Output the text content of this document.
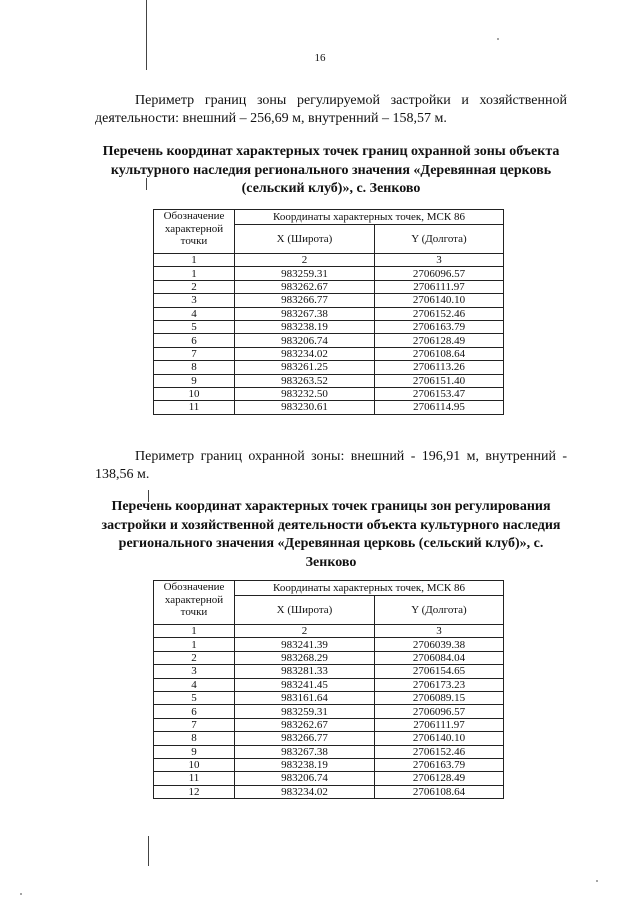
16
Периметр границ зоны регулируемой застройки и хозяйственной деятельности: внешний – 256,69 м, внутренний – 158,57 м.
Перечень координат характерных точек границ охранной зоны объекта культурного наследия регионального значения «Деревянная церковь (сельский клуб)», с. Зенково
Обозначение характерной точки	Координаты характерных точек, МСК 86	
	X (Широта)	Y (Долгота)
1	2	3
1	983259.31	2706096.57
2	983262.67	2706111.97
3	983266.77	2706140.10
4	983267.38	2706152.46
5	983238.19	2706163.79
6	983206.74	2706128.49
7	983234.02	2706108.64
8	983261.25	2706113.26
9	983263.52	2706151.40
10	983232.50	2706153.47
11	983230.61	2706114.95
Периметр границ охранной зоны: внешний - 196,91 м, внутренний - 138,56 м.
Перечень координат характерных точек границы зон регулирования застройки и хозяйственной деятельности объекта культурного наследия регионального значения «Деревянная церковь (сельский клуб)», с. Зенково
Обозначение характерной точки	Координаты характерных точек, МСК 86	
	X (Широта)	Y (Долгота)
1	2	3
1	983241.39	2706039.38
2	983268.29	2706084.04
3	983281.33	2706154.65
4	983241.45	2706173.23
5	983161.64	2706089.15
6	983259.31	2706096.57
7	983262.67	2706111.97
8	983266.77	2706140.10
9	983267.38	2706152.46
10	983238.19	2706163.79
11	983206.74	2706128.49
12	983234.02	2706108.64
